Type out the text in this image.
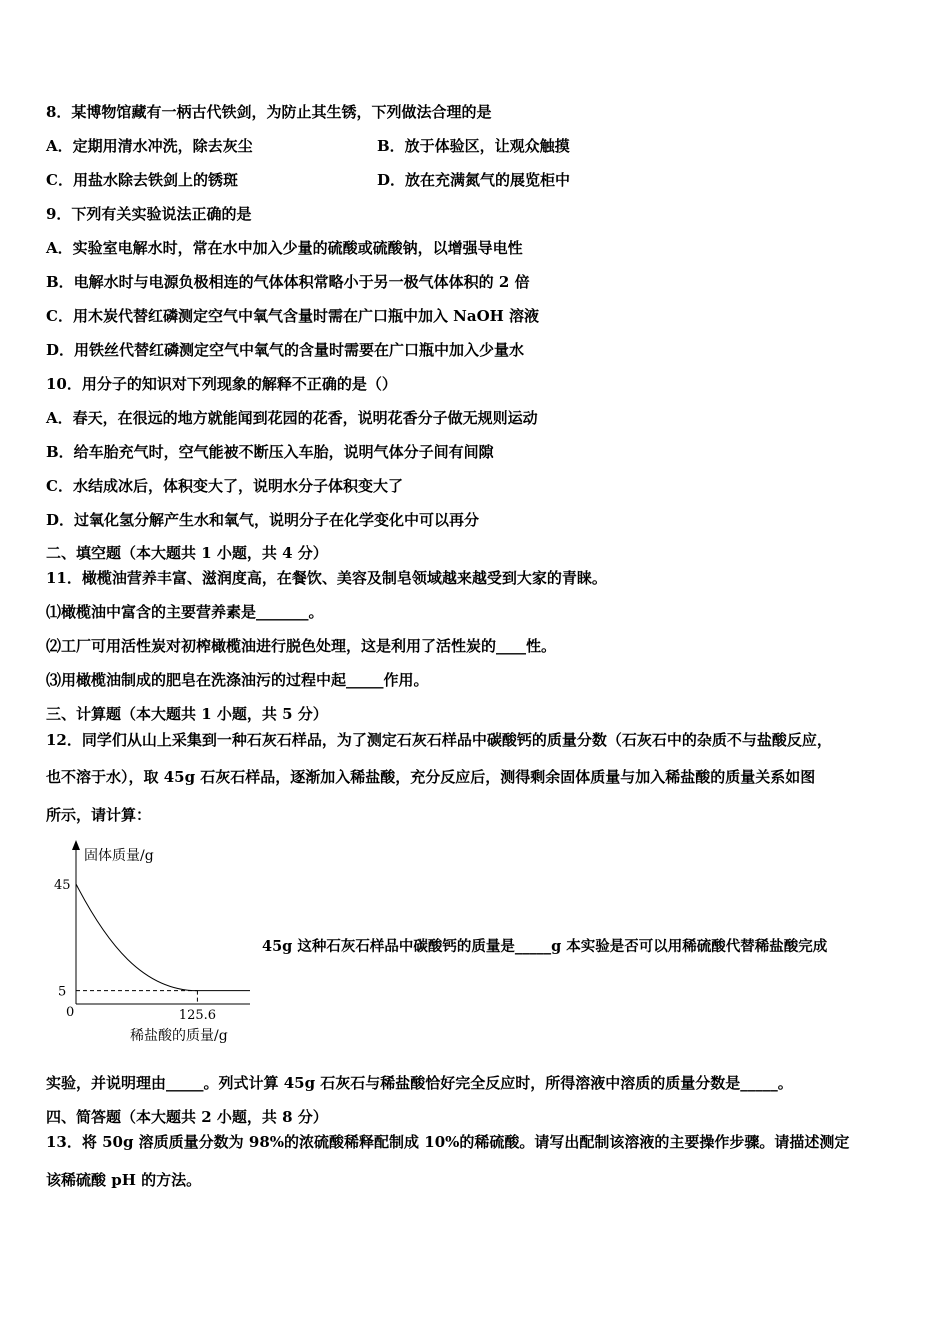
8．某博物馆藏有一柄古代铁剑，为防止其生锈，下列做法合理的是
A．定期用清水冲洗，除去灰尘	B．放于体验区，让观众触摸
C．用盐水除去铁剑上的锈斑	D．放在充满氮气的展览柜中
9．下列有关实验说法正确的是
A．实验室电解水时，常在水中加入少量的硫酸或硫酸钠，以增强导电性
B．电解水时与电源负极相连的气体体积常略小于另一极气体体积的 2 倍
C．用木炭代替红磷测定空气中氧气含量时需在广口瓶中加入 NaOH 溶液
D．用铁丝代替红磷测定空气中氧气的含量时需要在广口瓶中加入少量水
10．用分子的知识对下列现象的解释不正确的是（）
A．春天，在很远的地方就能闻到花园的花香，说明花香分子做无规则运动
B．给车胎充气时，空气能被不断压入车胎，说明气体分子间有间隙
C．水结成冰后，体积变大了，说明水分子体积变大了
D．过氧化氢分解产生水和氧气，说明分子在化学变化中可以再分
二、填空题（本大题共 1 小题，共 4 分）
11．橄榄油营养丰富、滋润度高，在餐饮、美容及制皂领域越来越受到大家的青睐。
⑴橄榄油中富含的主要营养素是_______。
⑵工厂可用活性炭对初榨橄榄油进行脱色处理，这是利用了活性炭的____性。
⑶用橄榄油制成的肥皂在洗涤油污的过程中起_____作用。
三、计算题（本大题共 1 小题，共 5 分）
12．同学们从山上采集到一种石灰石样品，为了测定石灰石样品中碳酸钙的质量分数（石灰石中的杂质不与盐酸反应，
也不溶于水），取 45g 石灰石样品，逐渐加入稀盐酸，充分反应后，测得剩余固体质量与加入稀盐酸的质量关系如图
所示，请计算：
固体质量/g
0
45
5
125.6
稀盐酸的质量/g
45g 这种石灰石样品中碳酸钙的质量是_____g 本实验是否可以用稀硫酸代替稀盐酸完成
实验，并说明理由_____。列式计算 45g 石灰石与稀盐酸恰好完全反应时，所得溶液中溶质的质量分数是_____。
四、简答题（本大题共 2 小题，共 8 分）
13．将 50g 溶质质量分数为 98%的浓硫酸稀释配制成 10%的稀硫酸。请写出配制该溶液的主要操作步骤。请描述测定
该稀硫酸 pH 的方法。
